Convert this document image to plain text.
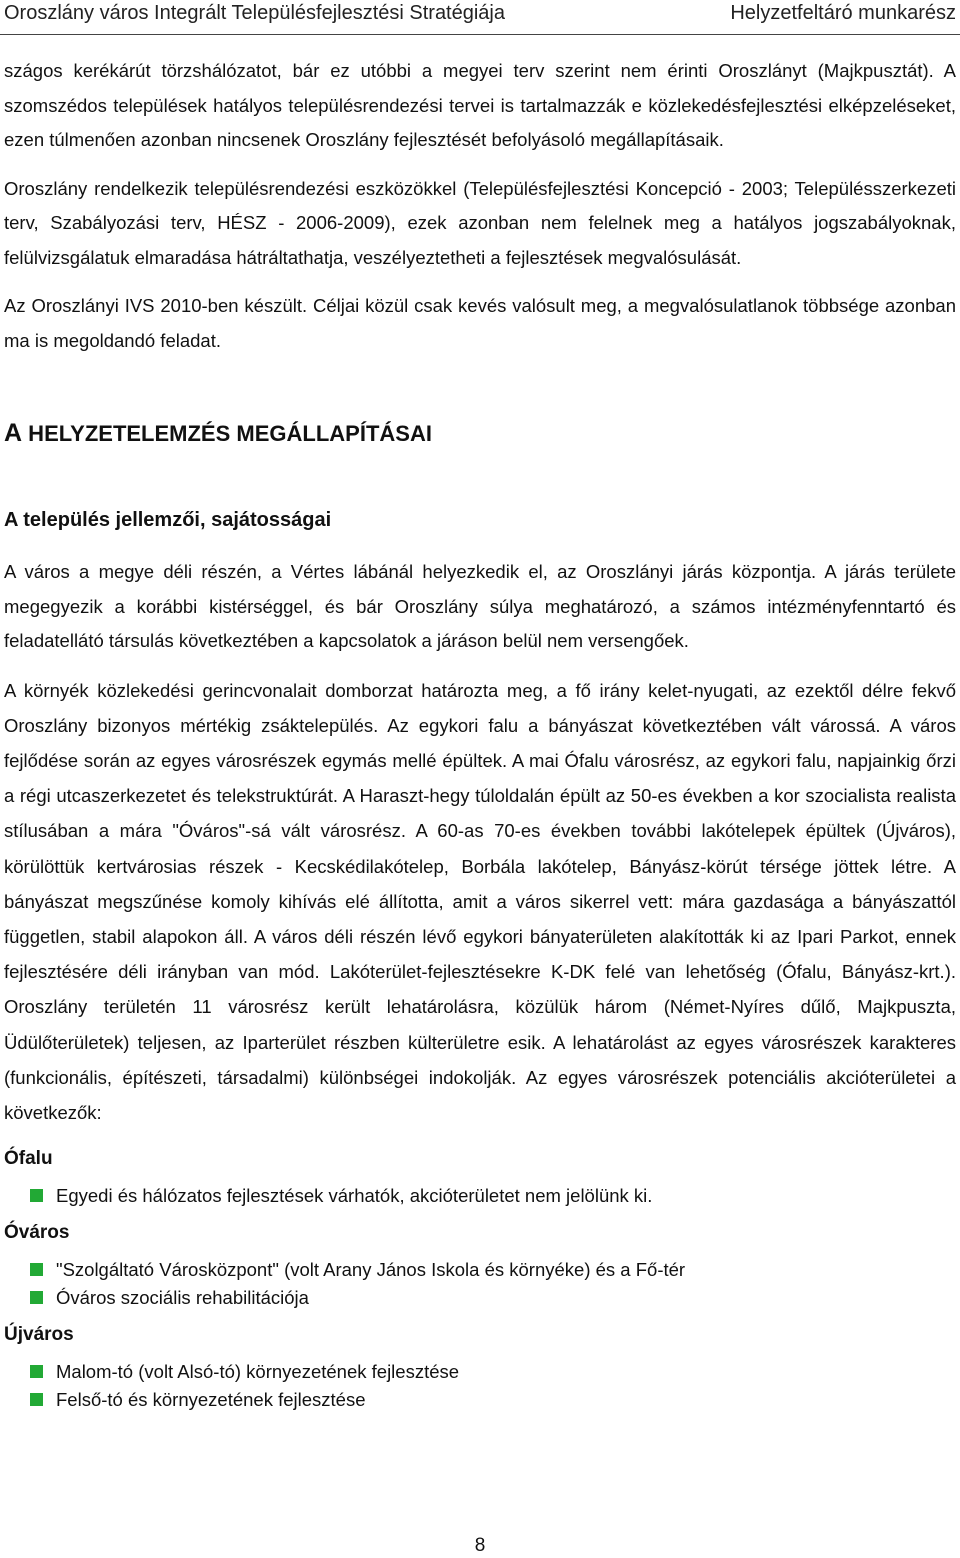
Oroszlány város Integrált Településfejlesztési Stratégiája	Helyzetfeltáró munkarész

szágos kerékárút törzshálózatot, bár ez utóbbi a megyei terv szerint nem érinti Oroszlányt (Majkpusztát). A szomszédos települések hatályos településrendezési tervei is tartalmazzák e közlekedésfejlesztési elképzeléseket, ezen túlmenően azonban nincsenek Oroszlány fejlesztését befolyásoló megállapításaik.

Oroszlány rendelkezik településrendezési eszközökkel (Településfejlesztési Koncepció - 2003; Településszerkezeti terv, Szabályozási terv, HÉSZ - 2006-2009), ezek azonban nem felelnek meg a hatályos jogszabályoknak, felülvizsgálatuk elmaradása hátráltathatja, veszélyeztetheti a fejlesztések megvalósulását.

Az Oroszlányi IVS 2010-ben készült. Céljai közül csak kevés valósult meg, a megvalósulatlanok többsége azonban ma is megoldandó feladat.

A HELYZETELEMZÉS MEGÁLLAPÍTÁSAI
A település jellemzői, sajátosságai

A város a megye déli részén, a Vértes lábánál helyezkedik el, az Oroszlányi járás központja. A járás területe megegyezik a korábbi kistérséggel, és bár Oroszlány súlya meghatározó, a számos intézményfenntartó és feladatellátó társulás következtében a kapcsolatok a járáson belül nem versengőek.

A környék közlekedési gerincvonalait domborzat határozta meg, a fő irány kelet-nyugati, az ezektől délre fekvő Oroszlány bizonyos mértékig zsáktelepülés. Az egykori falu a bányászat következtében vált várossá. A város fejlődése során az egyes városrészek egymás mellé épültek. A mai Ófalu városrész, az egykori falu, napjainkig őrzi a régi utcaszerkezetet és telekstruktúrát. A Haraszt-hegy túloldalán épült az 50-es években a kor szocialista realista stílusában a mára "Óváros"-sá vált városrész. A 60-as 70-es években további lakótelepek épültek (Újváros), körülöttük kertvárosias részek - Kecskédilakótelep, Borbála lakótelep, Bányász-körút térsége jöttek létre. A bányászat megszűnése komoly kihívás elé állította, amit a város sikerrel vett: mára gazdasága a bányászattól független, stabil alapokon áll. A város déli részén lévő egykori bányaterületen alakították ki az Ipari Parkot, ennek fejlesztésére déli irányban van mód. Lakóterület-fejlesztésekre K-DK felé van lehetőség (Ófalu, Bányász-krt.). Oroszlány területén 11 városrész került lehatárolásra, közülük három (Német-Nyíres dűlő, Majkpuszta, Üdülőterületek) teljesen, az Iparterület részben külterületre esik. A lehatárolást az egyes városrészek karakteres (funkcionális, építészeti, társadalmi) különbségei indokolják. Az egyes városrészek potenciális akcióterületei a következők:

Ófalu
Egyedi és hálózatos fejlesztések várhatók, akcióterületet nem jelölünk ki.
Óváros
"Szolgáltató Városközpont" (volt Arany János Iskola és környéke) és a Fő-tér
Óváros szociális rehabilitációja
Újváros
Malom-tó (volt Alsó-tó) környezetének fejlesztése
Felső-tó és környezetének fejlesztése
8
